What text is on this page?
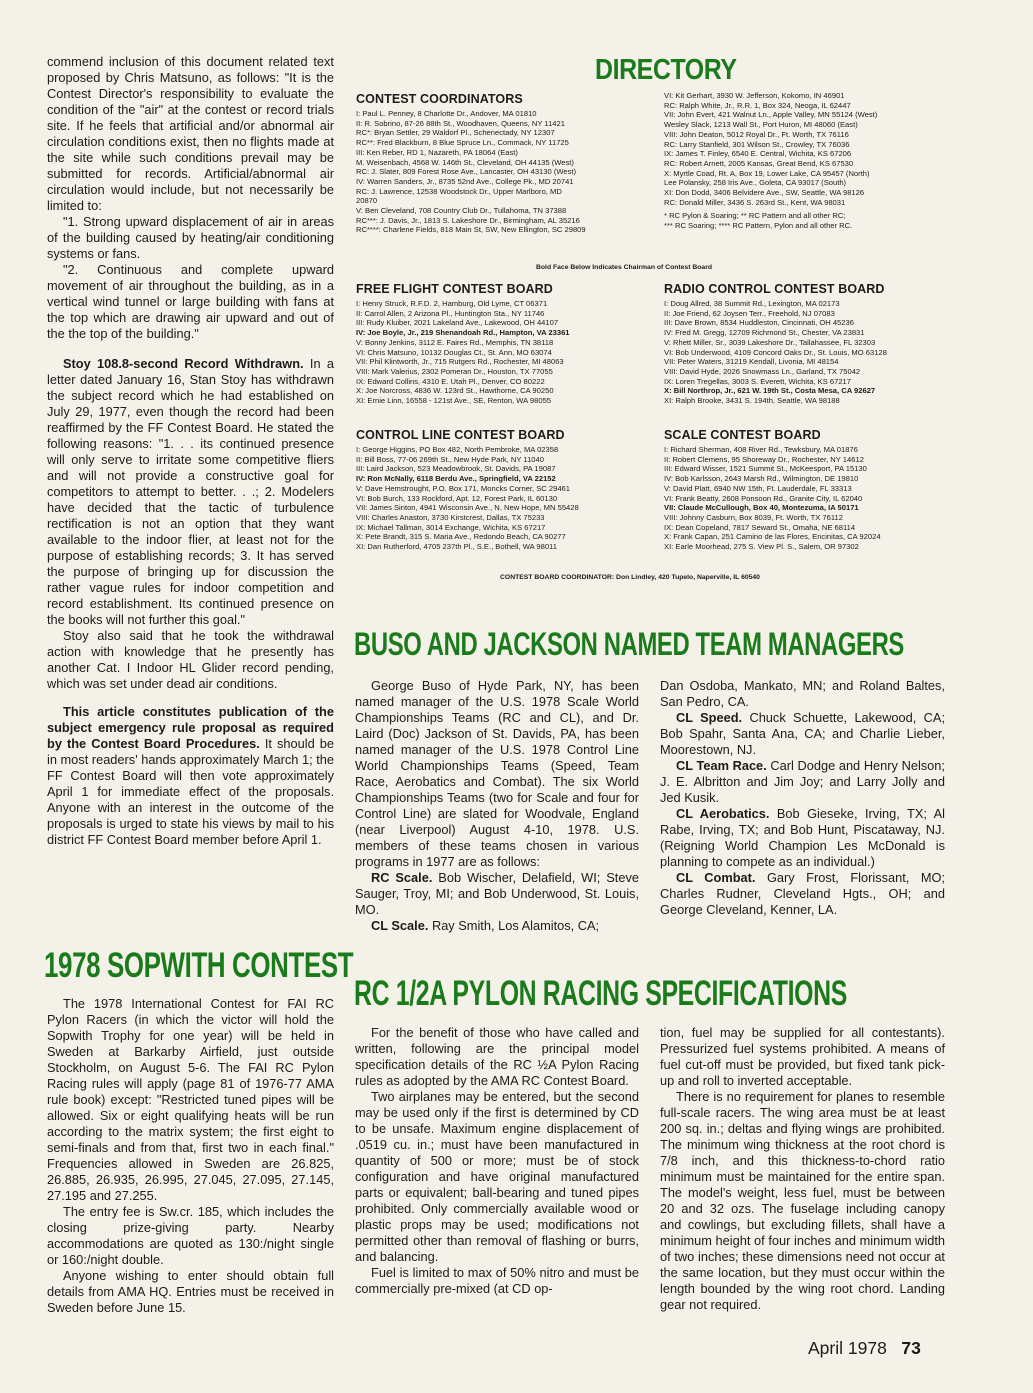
commend inclusion of this document related text proposed by Chris Matsuno, as follows: "It is the Contest Director's responsibility to evaluate the condition of the "air" at the contest or record trials site. If he feels that artificial and/or abnormal air circulation conditions exist, then no flights made at the site while such conditions prevail may be submitted for records. Artificial/abnormal air circulation would include, but not necessarily be limited to:

"1. Strong upward displacement of air in areas of the building caused by heating/air conditioning systems or fans.

"2. Continuous and complete upward movement of air throughout the building, as in a vertical wind tunnel or large building with fans at the top which are drawing air upward and out of the the top of the building."

Stoy 108.8-second Record Withdrawn. In a letter dated January 16, Stan Stoy has withdrawn the subject record which he had established on July 29, 1977, even though the record had been reaffirmed by the FF Contest Board. He stated the following reasons: "1. . . its continued presence will only serve to irritate some competitive fliers and will not provide a constructive goal for competitors to attempt to better. . .; 2. Modelers have decided that the tactic of turbulence rectification is not an option that they want available to the indoor flier, at least not for the purpose of establishing records; 3. It has served the purpose of bringing up for discussion the rather vague rules for indoor competition and record establishment. Its continued presence on the books will not further this goal."

Stoy also said that he took the withdrawal action with knowledge that he presently has another Cat. I Indoor HL Glider record pending, which was set under dead air conditions.

This article constitutes publication of the subject emergency rule proposal as required by the Contest Board Procedures. It should be in most readers' hands approximately March 1; the FF Contest Board will then vote approximately April 1 for immediate effect of the proposals. Anyone with an interest in the outcome of the proposals is urged to state his views by mail to his district FF Contest Board member before April 1.

DIRECTORY
CONTEST COORDINATORS
I: Paul L. Penney, 8 Charlotte Dr., Andover, MA 01810
II: R. Sobrino, 87-26 88th St., Woodhaven, Queens, NY 11421
RC*: Bryan Settler, 29 Waldorf Pl., Schenectady, NY 12307
RC**: Fred Blackburn, 8 Blue Spruce Ln., Commack, NY 11725
III: Ken Reber, RD 1, Nazareth, PA 18064 (East)
M. Weisenbach, 4568 W. 146th St., Cleveland, OH 44135 (West)
RC: J. Slater, 809 Forest Rose Ave., Lancaster, OH 43130 (West)
IV: Warren Sanders, Jr., 8735 52nd Ave., College Pk., MD 20741
RC: J. Lawrence, 12538 Woodstock Dr., Upper Marlboro, MD
20870
V: Ben Cleveland, 708 Country Club Dr., Tullahoma, TN 37388
RC***: J. Davis, Jr., 1813 S. Lakeshore Dr., Birmingham, AL 35216
RC****: Charlene Fields, 818 Main St, SW, New Ellington, SC 29809
VI: Kit Gerhart, 3930 W. Jefferson, Kokomo, IN 46901
RC: Ralph White, Jr., R.R. 1, Box 324, Neoga, IL 62447
VII: John Evert, 421 Walnut Ln., Apple Valley, MN 55124 (West)
Wesley Slack, 1213 Wall St., Port Huron, MI 48060 (East)
VIII: John Deaton, 5012 Royal Dr., Ft. Worth, TX 76116
RC: Larry Stanfield, 301 Wilson St., Crowley, TX 76036
IX: James T. Finley, 6540 E. Central, Wichita, KS 67206
RC: Robert Arnett, 2005 Kansas, Great Bend, KS 67530
X: Myrtle Coad, Rt. A, Box 19, Lower Lake, CA 95457 (North)
Lee Polansky, 258 Iris Ave., Goleta, CA 93017 (South)
XI: Don Dodd, 3406 Belvidere Ave., SW, Seattle, WA 98126
RC: Donald Miller, 3436 S. 263rd St., Kent, WA 98031
* RC Pylon & Soaring; ** RC Pattern and all other RC;
*** RC Soaring; **** RC Pattern, Pylon and all other RC.
Bold Face Below Indicates Chairman of Contest Board
FREE FLIGHT CONTEST BOARD
I: Henry Struck, R.F.D. 2, Hamburg, Old Lyme, CT 06371
II: Carrol Allen, 2 Arizona Pl., Huntington Sta., NY 11746
III: Rudy Kluiber, 2021 Lakeland Ave., Lakewood, OH 44107
IV: Joe Boyle, Jr., 219 Shenandoah Rd., Hampton, VA 23361
V: Bonny Jenkins, 3112 E. Faires Rd., Memphis, TN 38118
VI: Chris Matsuno, 10132 Douglas Ct., St. Ann, MO 63074
VII: Phil Klintworth, Jr., 715 Rutgers Rd., Rochester, MI 48063
VIII: Mark Valerius, 2302 Pomeran Dr., Houston, TX 77055
IX: Edward Collins, 4310 E. Utah Pl., Denver, CO 80222
X: Joe Norcross, 4836 W. 123rd St., Hawthorne, CA 90250
XI: Ernie Linn, 16558 - 121st Ave., SE, Renton, WA 98055
RADIO CONTROL CONTEST BOARD
I: Doug Allred, 38 Summit Rd., Lexington, MA 02173
II: Joe Friend, 62 Joysen Terr., Freehold, NJ 07083
III: Dave Brown, 8534 Huddleston, Cincinnati, OH 45236
IV: Fred M. Gregg, 12709 Richmond St., Chester, VA 23831
V: Rhett Miller, Sr., 3039 Lakeshore Dr., Tallahassee, FL 32303
VI: Bob Underwood, 4109 Concord Oaks Dr., St. Louis, MO 63128
VII: Peter Waters, 31219 Kendall, Livonia, MI 48154
VIII: David Hyde, 2026 Snowmass Ln., Garland, TX 75042
IX: Loren Tregellas, 3003 S. Everett, Wichita, KS 67217
X: Bill Northrop, Jr., 621 W. 19th St., Costa Mesa, CA 92627
XI: Ralph Brooke, 3431 S. 194th, Seattle, WA 98188
CONTROL LINE CONTEST BOARD
I: George Higgins, PO Box 482, North Pembroke, MA 02358
II: Bill Boss, 77-06 269th St., New Hyde Park, NY 11040
III: Laird Jackson, 523 Meadowbrook, St. Davids, PA 19087
IV: Ron McNally, 6118 Berdu Ave., Springfield, VA 22152
V: Dave Hemstrought, P.O. Box 171, Moncks Corner, SC 29461
VI: Bob Burch, 133 Rockford, Apt. 12, Forest Park, IL 60130
VII: James Sinton, 4941 Wisconsin Ave., N. New Hope, MN 55428
VIII: Charles Anaston, 3730 Kirstcrest, Dallas, TX 75233
IX: Michael Tallman, 3014 Exchange, Wichita, KS 67217
X: Pete Brandt, 315 S. Maria Ave., Redondo Beach, CA 90277
XI: Dan Rutherford, 4705 237th Pl., S.E., Bothell, WA 98011
SCALE CONTEST BOARD
I: Richard Sherman, 408 River Rd., Tewksbury, MA 01876
II: Robert Clemens, 95 Shoreway Dr., Rochester, NY 14612
III: Edward Wisser, 1521 Summit St., McKeesport, PA 15130
IV: Bob Karlsson, 2643 Marsh Rd., Wilmington, DE 19810
V: David Platt, 6940 NW 15th, Ft. Lauderdale, FL 33313
VI: Frank Beatty, 2608 Ponsoon Rd., Granite City, IL 62040
VII: Claude McCullough, Box 40, Montezuma, IA 50171
VIII: Johnny Casburn, Box 8039, Ft. Worth, TX 76112
IX: Dean Copeland, 7817 Seward St., Omaha, NE 68114
X: Frank Capan, 251 Camino de las Flores, Encinitas, CA 92024
XI: Earle Moorhead, 275 S. View Pl. S., Salem, OR 97302
CONTEST BOARD COORDINATOR: Don Lindley, 420 Tupelo, Naperville, IL 60540
BUSO AND JACKSON NAMED TEAM MANAGERS

George Buso of Hyde Park, NY, has been named manager of the U.S. 1978 Scale World Championships Teams (RC and CL), and Dr. Laird (Doc) Jackson of St. Davids, PA, has been named manager of the U.S. 1978 Control Line World Championships Teams (Speed, Team Race, Aerobatics and Combat). The six World Championships Teams (two for Scale and four for Control Line) are slated for Woodvale, England (near Liverpool) August 4-10, 1978. U.S. members of these teams chosen in various programs in 1977 are as follows:

RC Scale. Bob Wischer, Delafield, WI; Steve Sauger, Troy, MI; and Bob Underwood, St. Louis, MO.

CL Scale. Ray Smith, Los Alamitos, CA;

Dan Osdoba, Mankato, MN; and Roland Baltes, San Pedro, CA.

CL Speed. Chuck Schuette, Lakewood, CA; Bob Spahr, Santa Ana, CA; and Charlie Lieber, Moorestown, NJ.

CL Team Race. Carl Dodge and Henry Nelson; J. E. Albritton and Jim Joy; and Larry Jolly and Jed Kusik.

CL Aerobatics. Bob Gieseke, Irving, TX; Al Rabe, Irving, TX; and Bob Hunt, Piscataway, NJ. (Reigning World Champion Les McDonald is planning to compete as an individual.)

CL Combat. Gary Frost, Florissant, MO; Charles Rudner, Cleveland Hgts., OH; and George Cleveland, Kenner, LA.

1978 SOPWITH CONTEST

The 1978 International Contest for FAI RC Pylon Racers (in which the victor will hold the Sopwith Trophy for one year) will be held in Sweden at Barkarby Airfield, just outside Stockholm, on August 5-6. The FAI RC Pylon Racing rules will apply (page 81 of 1976-77 AMA rule book) except: "Restricted tuned pipes will be allowed. Six or eight qualifying heats will be run according to the matrix system; the first eight to semi-finals and from that, first two in each final." Frequencies allowed in Sweden are 26.825, 26.885, 26.935, 26.995, 27.045, 27.095, 27.145, 27.195 and 27.255.

The entry fee is Sw.cr. 185, which includes the closing prize-giving party. Nearby accommodations are quoted as 130:/night single or 160:/night double.

Anyone wishing to enter should obtain full details from AMA HQ. Entries must be received in Sweden before June 15.

RC 1/2A PYLON RACING SPECIFICATIONS

For the benefit of those who have called and written, following are the principal model specification details of the RC ½A Pylon Racing rules as adopted by the AMA RC Contest Board.

Two airplanes may be entered, but the second may be used only if the first is determined by CD to be unsafe. Maximum engine displacement of .0519 cu. in.; must have been manufactured in quantity of 500 or more; must be of stock configuration and have original manufactured parts or equivalent; ball-bearing and tuned pipes prohibited. Only commercially available wood or plastic props may be used; modifications not permitted other than removal of flashing or burrs, and balancing.

Fuel is limited to max of 50% nitro and must be commercially pre-mixed (at CD op-

tion, fuel may be supplied for all contestants). Pressurized fuel systems prohibited. A means of fuel cut-off must be provided, but fixed tank pick-up and roll to inverted acceptable.

There is no requirement for planes to resemble full-scale racers. The wing area must be at least 200 sq. in.; deltas and flying wings are prohibited. The minimum wing thickness at the root chord is 7/8 inch, and this thickness-to-chord ratio minimum must be maintained for the entire span. The model's weight, less fuel, must be between 20 and 32 ozs. The fuselage including canopy and cowlings, but excluding fillets, shall have a minimum height of four inches and minimum width of two inches; these dimensions need not occur at the same location, but they must occur within the length bounded by the wing root chord. Landing gear not required.

April 1978 73
